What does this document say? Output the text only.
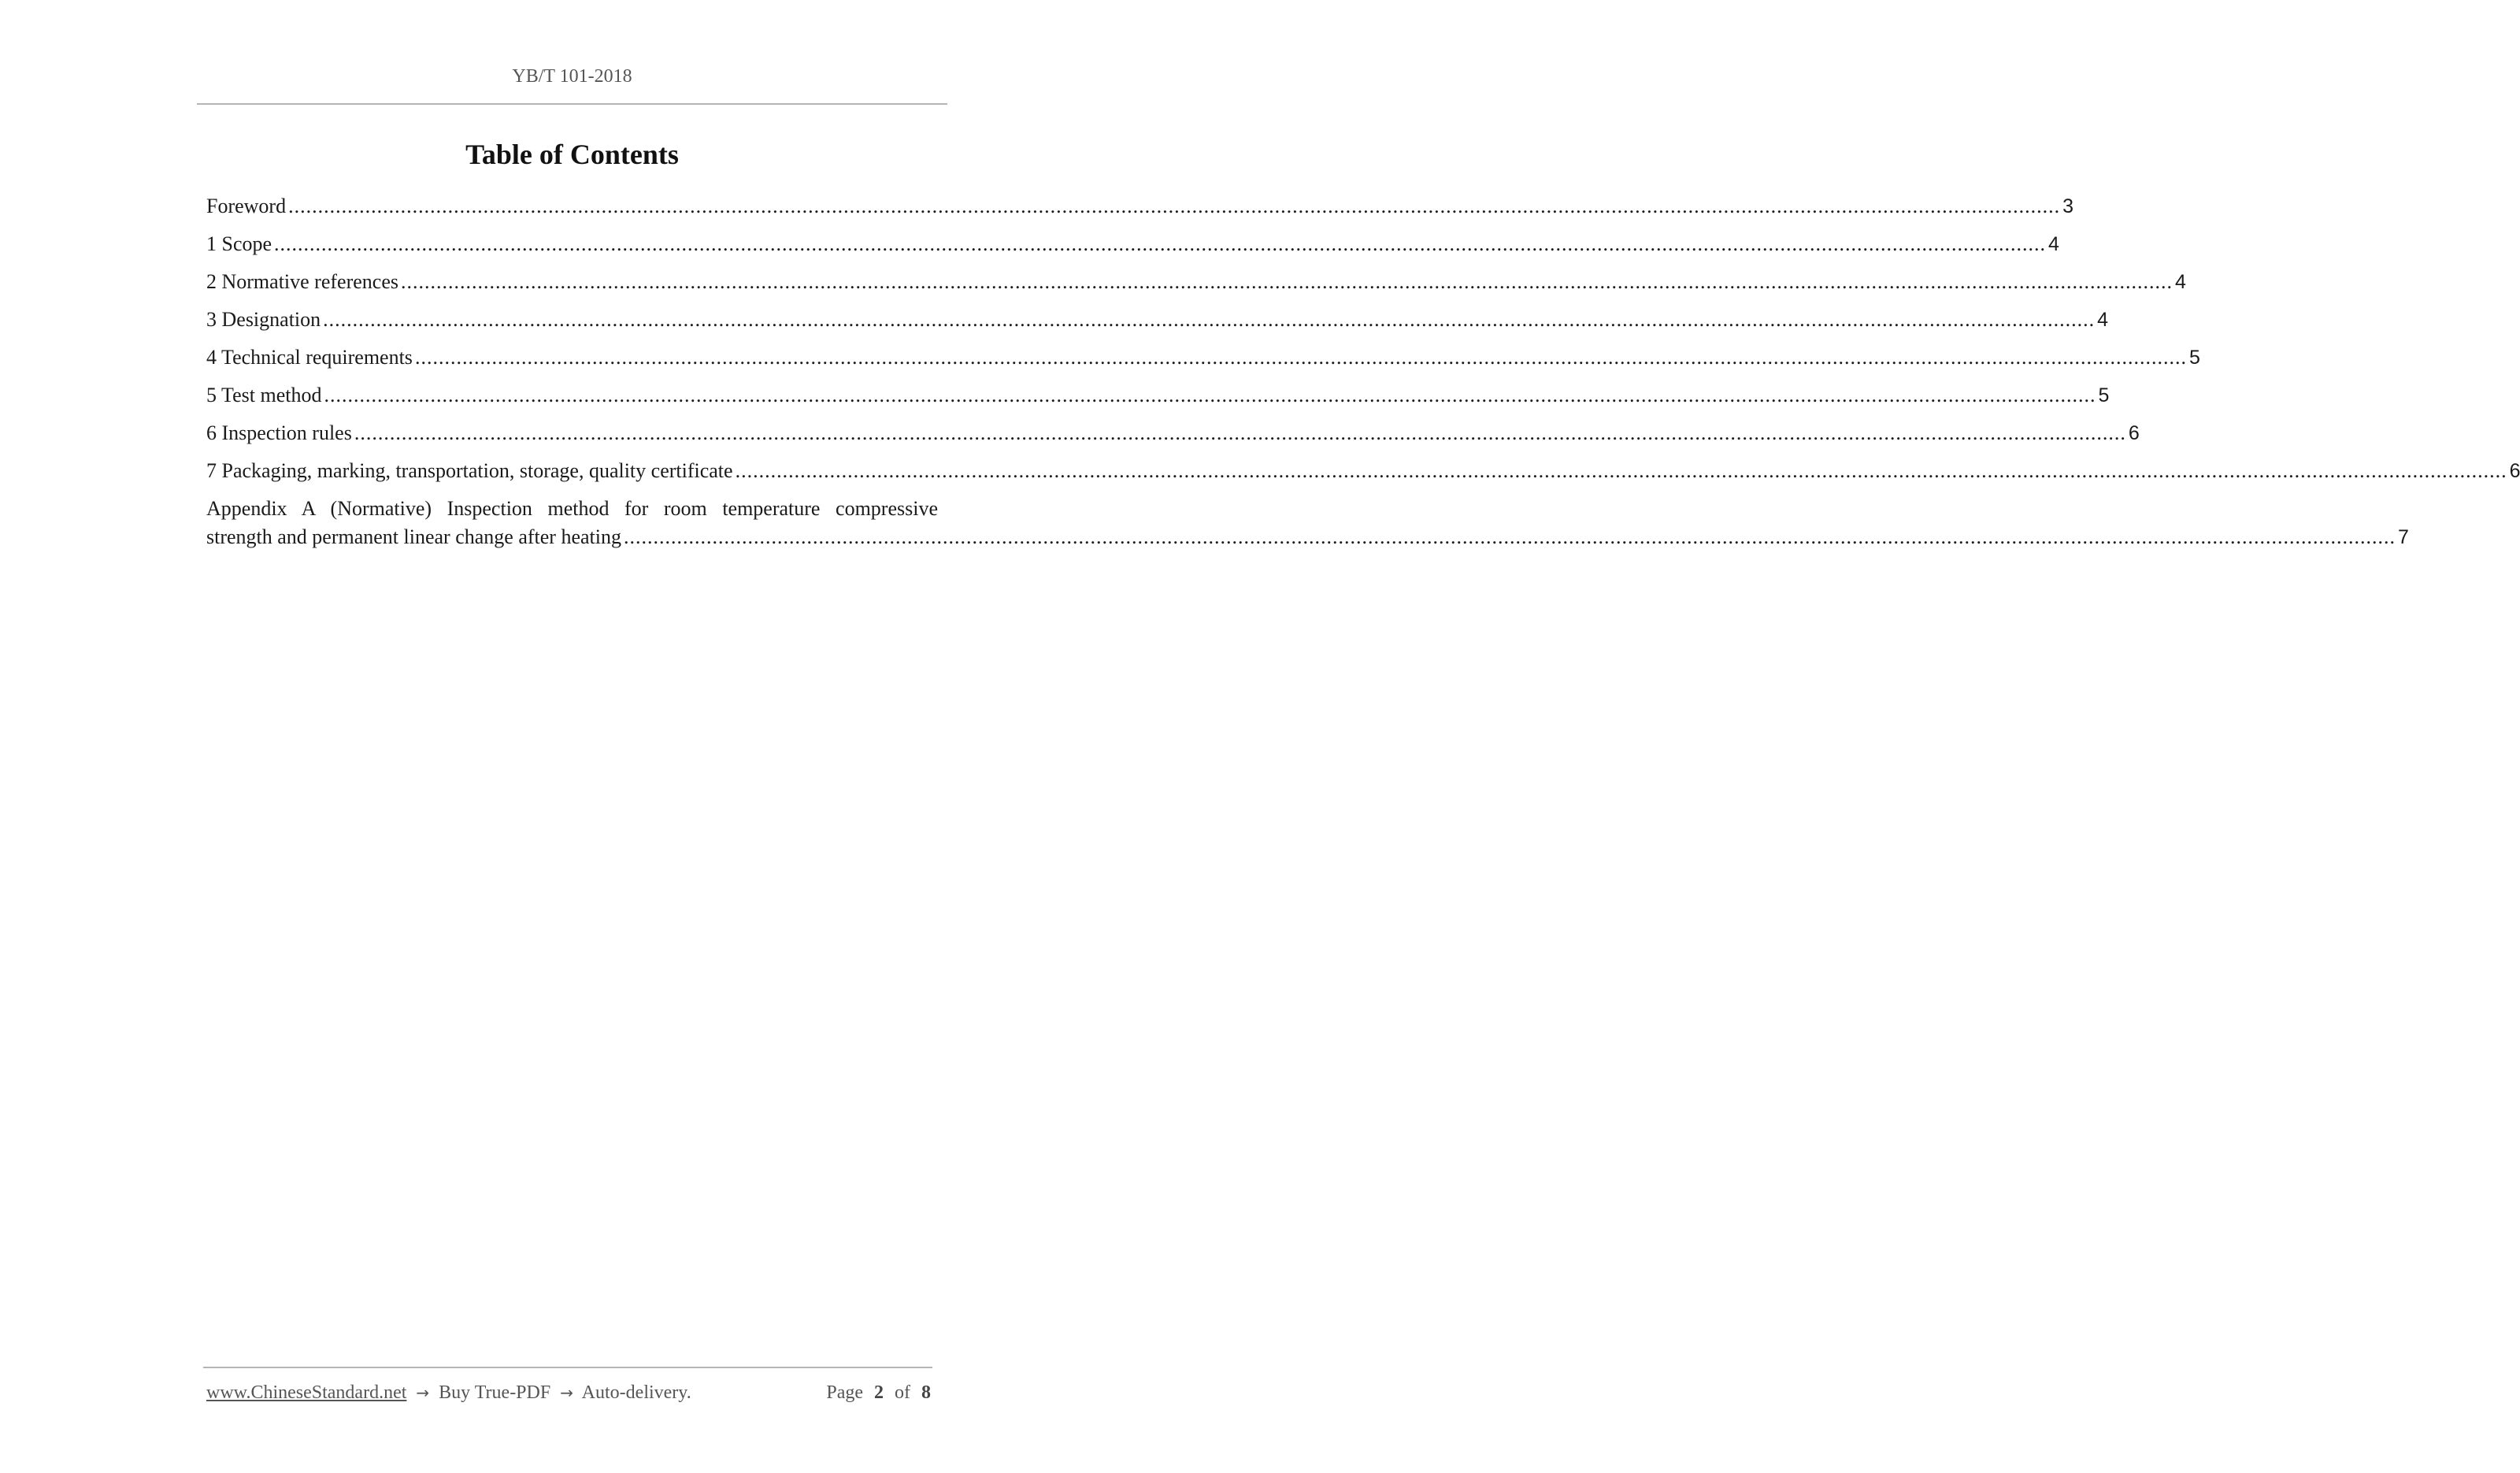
YB/T 101-2018
Table of Contents
Foreword ............................................................................................................................................................................................................................................................................................................ 3
1 Scope ............................................................................................................................................................................................................................................................................................................ 4
2 Normative references ............................................................................................................................................................................................................................................................................................................ 4
3 Designation ............................................................................................................................................................................................................................................................................................................ 4
4 Technical requirements ............................................................................................................................................................................................................................................................................................................ 5
5 Test method ............................................................................................................................................................................................................................................................................................................ 5
6 Inspection rules ............................................................................................................................................................................................................................................................................................................ 6
7 Packaging, marking, transportation, storage, quality certificate ............................................................................................................................................................................................................................................................................................................ 6
Appendix A (Normative) Inspection method for room temperature compressive
strength and permanent linear change after heating ............................................................................................................................................................................................................................................................................................................ 7
www.ChineseStandard.net → Buy True-PDF → Auto-delivery.	Page 2 of 8
